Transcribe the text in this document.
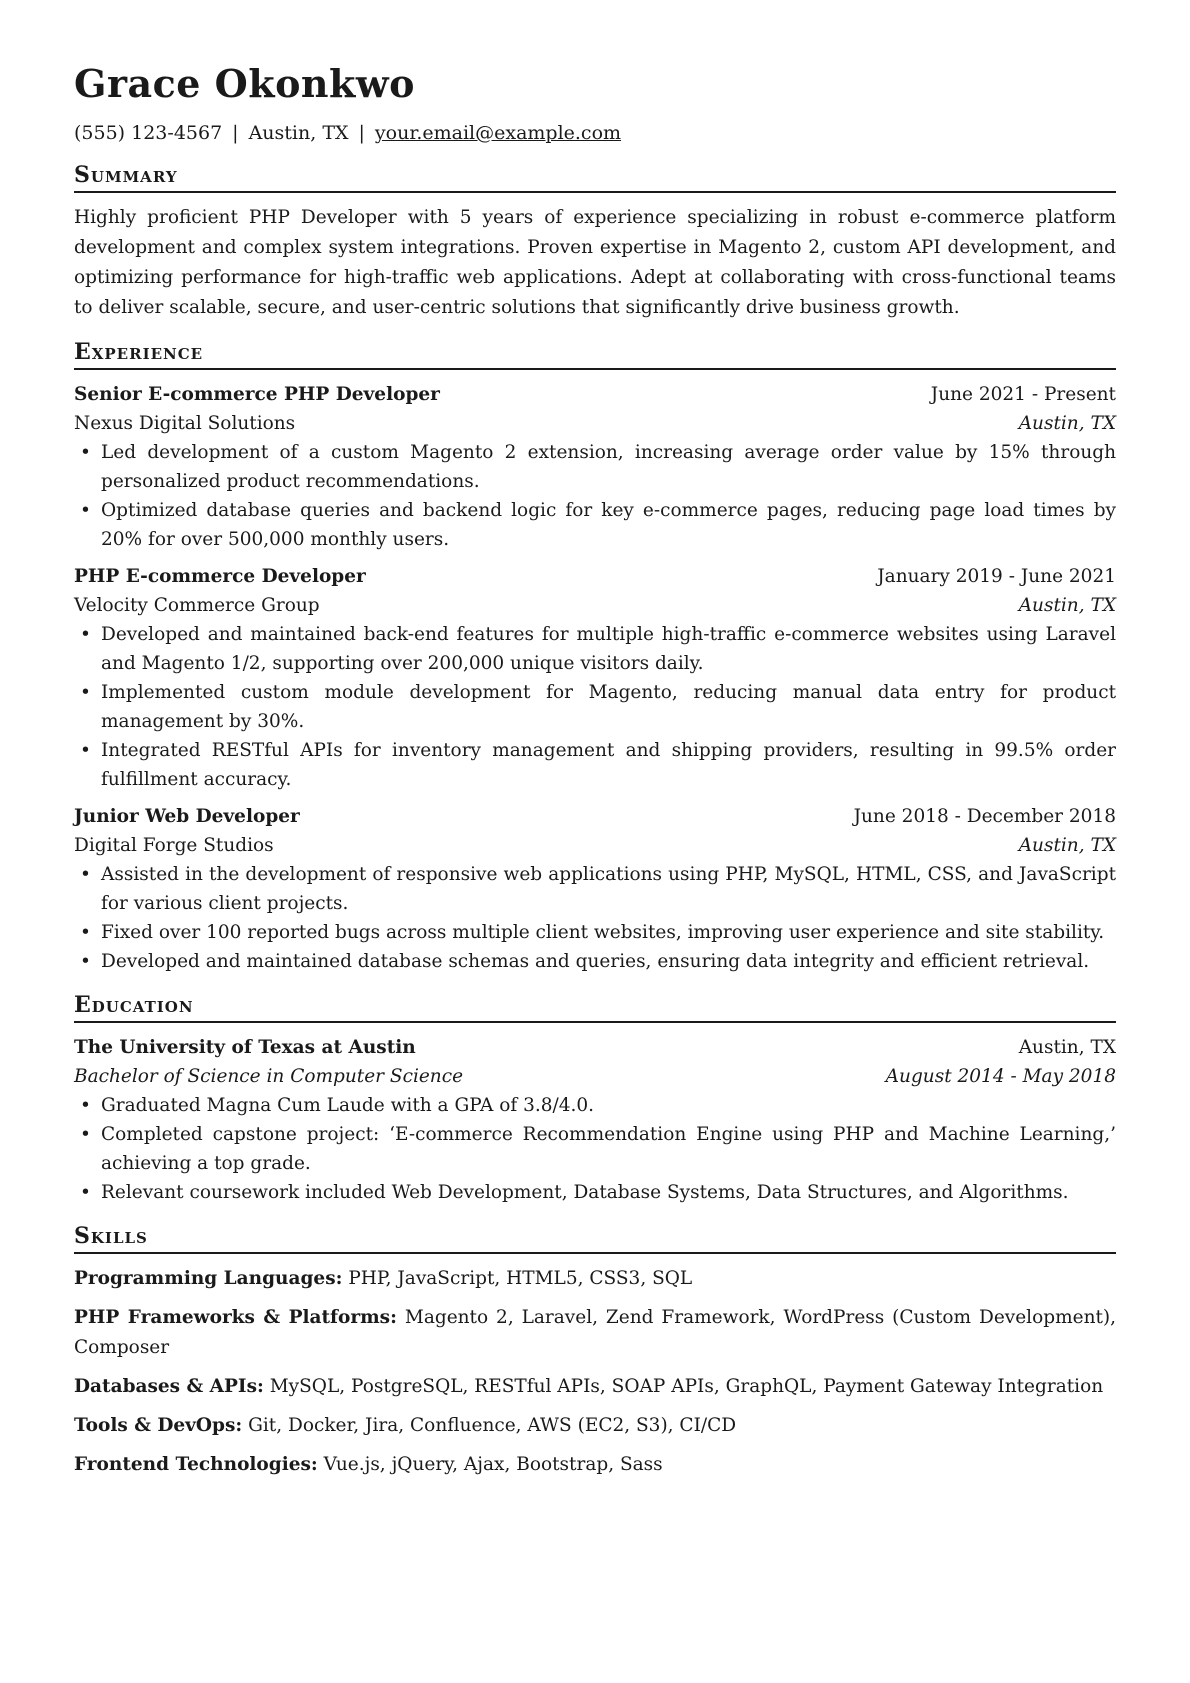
Grace Okonkwo
(555) 123-4567 | Austin, TX | your.email@example.com
Summary

Highly proficient PHP Developer with 5 years of experience specializing in robust e-commerce platform development and complex system integrations. Proven expertise in Magento 2, custom API development, and optimizing performance for high-traffic web applications. Adept at collaborating with cross-functional teams to deliver scalable, secure, and user-centric solutions that significantly drive business growth.

Experience
Senior E-commerce PHP Developer	June 2021 - Present
Nexus Digital Solutions	Austin, TX
• Led development of a custom Magento 2 extension, increasing average order value by 15% through personalized product recommendations.
• Optimized database queries and backend logic for key e-commerce pages, reducing page load times by 20% for over 500,000 monthly users.
PHP E-commerce Developer	January 2019 - June 2021
Velocity Commerce Group	Austin, TX
• Developed and maintained back-end features for multiple high-traffic e-commerce websites using Laravel and Magento 1/2, supporting over 200,000 unique visitors daily.
• Implemented custom module development for Magento, reducing manual data entry for product management by 30%.
• Integrated RESTful APIs for inventory management and shipping providers, resulting in 99.5% order fulfillment accuracy.
Junior Web Developer	June 2018 - December 2018
Digital Forge Studios	Austin, TX
• Assisted in the development of responsive web applications using PHP, MySQL, HTML, CSS, and JavaScript for various client projects.
• Fixed over 100 reported bugs across multiple client websites, improving user experience and site stability.
• Developed and maintained database schemas and queries, ensuring data integrity and efficient retrieval.
Education
The University of Texas at Austin	Austin, TX
Bachelor of Science in Computer Science	August 2014 - May 2018
• Graduated Magna Cum Laude with a GPA of 3.8/4.0.
• Completed capstone project: ‘E-commerce Recommendation Engine using PHP and Machine Learning,’ achieving a top grade.
• Relevant coursework included Web Development, Database Systems, Data Structures, and Algorithms.
Skills
Programming Languages: PHP, JavaScript, HTML5, CSS3, SQL
PHP Frameworks & Platforms: Magento 2, Laravel, Zend Framework, WordPress (Custom Development), Composer
Databases & APIs: MySQL, PostgreSQL, RESTful APIs, SOAP APIs, GraphQL, Payment Gateway Integration
Tools & DevOps: Git, Docker, Jira, Confluence, AWS (EC2, S3), CI/CD
Frontend Technologies: Vue.js, jQuery, Ajax, Bootstrap, Sass
